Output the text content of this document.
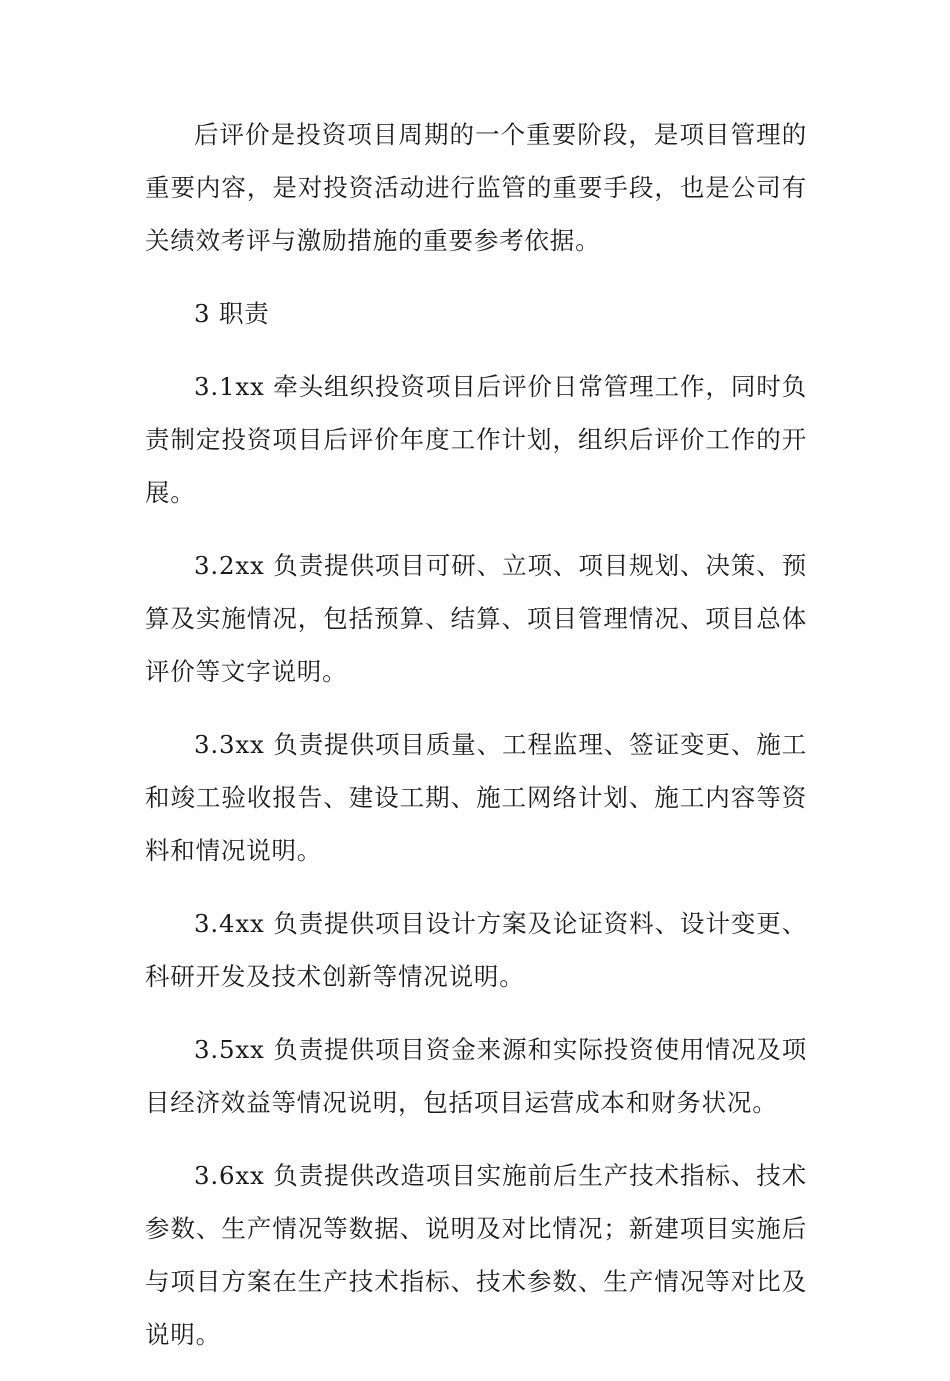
后评价是投资项目周期的一个重要阶段，是项目管理的重要内容，是对投资活动进行监管的重要手段，也是公司有关绩效考评与激励措施的重要参考依据。

3 职责

3.1xx 牵头组织投资项目后评价日常管理工作，同时负责制定投资项目后评价年度工作计划，组织后评价工作的开展。

3.2xx 负责提供项目可研、立项、项目规划、决策、预算及实施情况，包括预算、结算、项目管理情况、项目总体评价等文字说明。

3.3xx 负责提供项目质量、工程监理、签证变更、施工和竣工验收报告、建设工期、施工网络计划、施工内容等资料和情况说明。

3.4xx 负责提供项目设计方案及论证资料、设计变更、科研开发及技术创新等情况说明。

3.5xx 负责提供项目资金来源和实际投资使用情况及项目经济效益等情况说明，包括项目运营成本和财务状况。

3.6xx 负责提供改造项目实施前后生产技术指标、技术参数、生产情况等数据、说明及对比情况；新建项目实施后与项目方案在生产技术指标、技术参数、生产情况等对比及说明。
